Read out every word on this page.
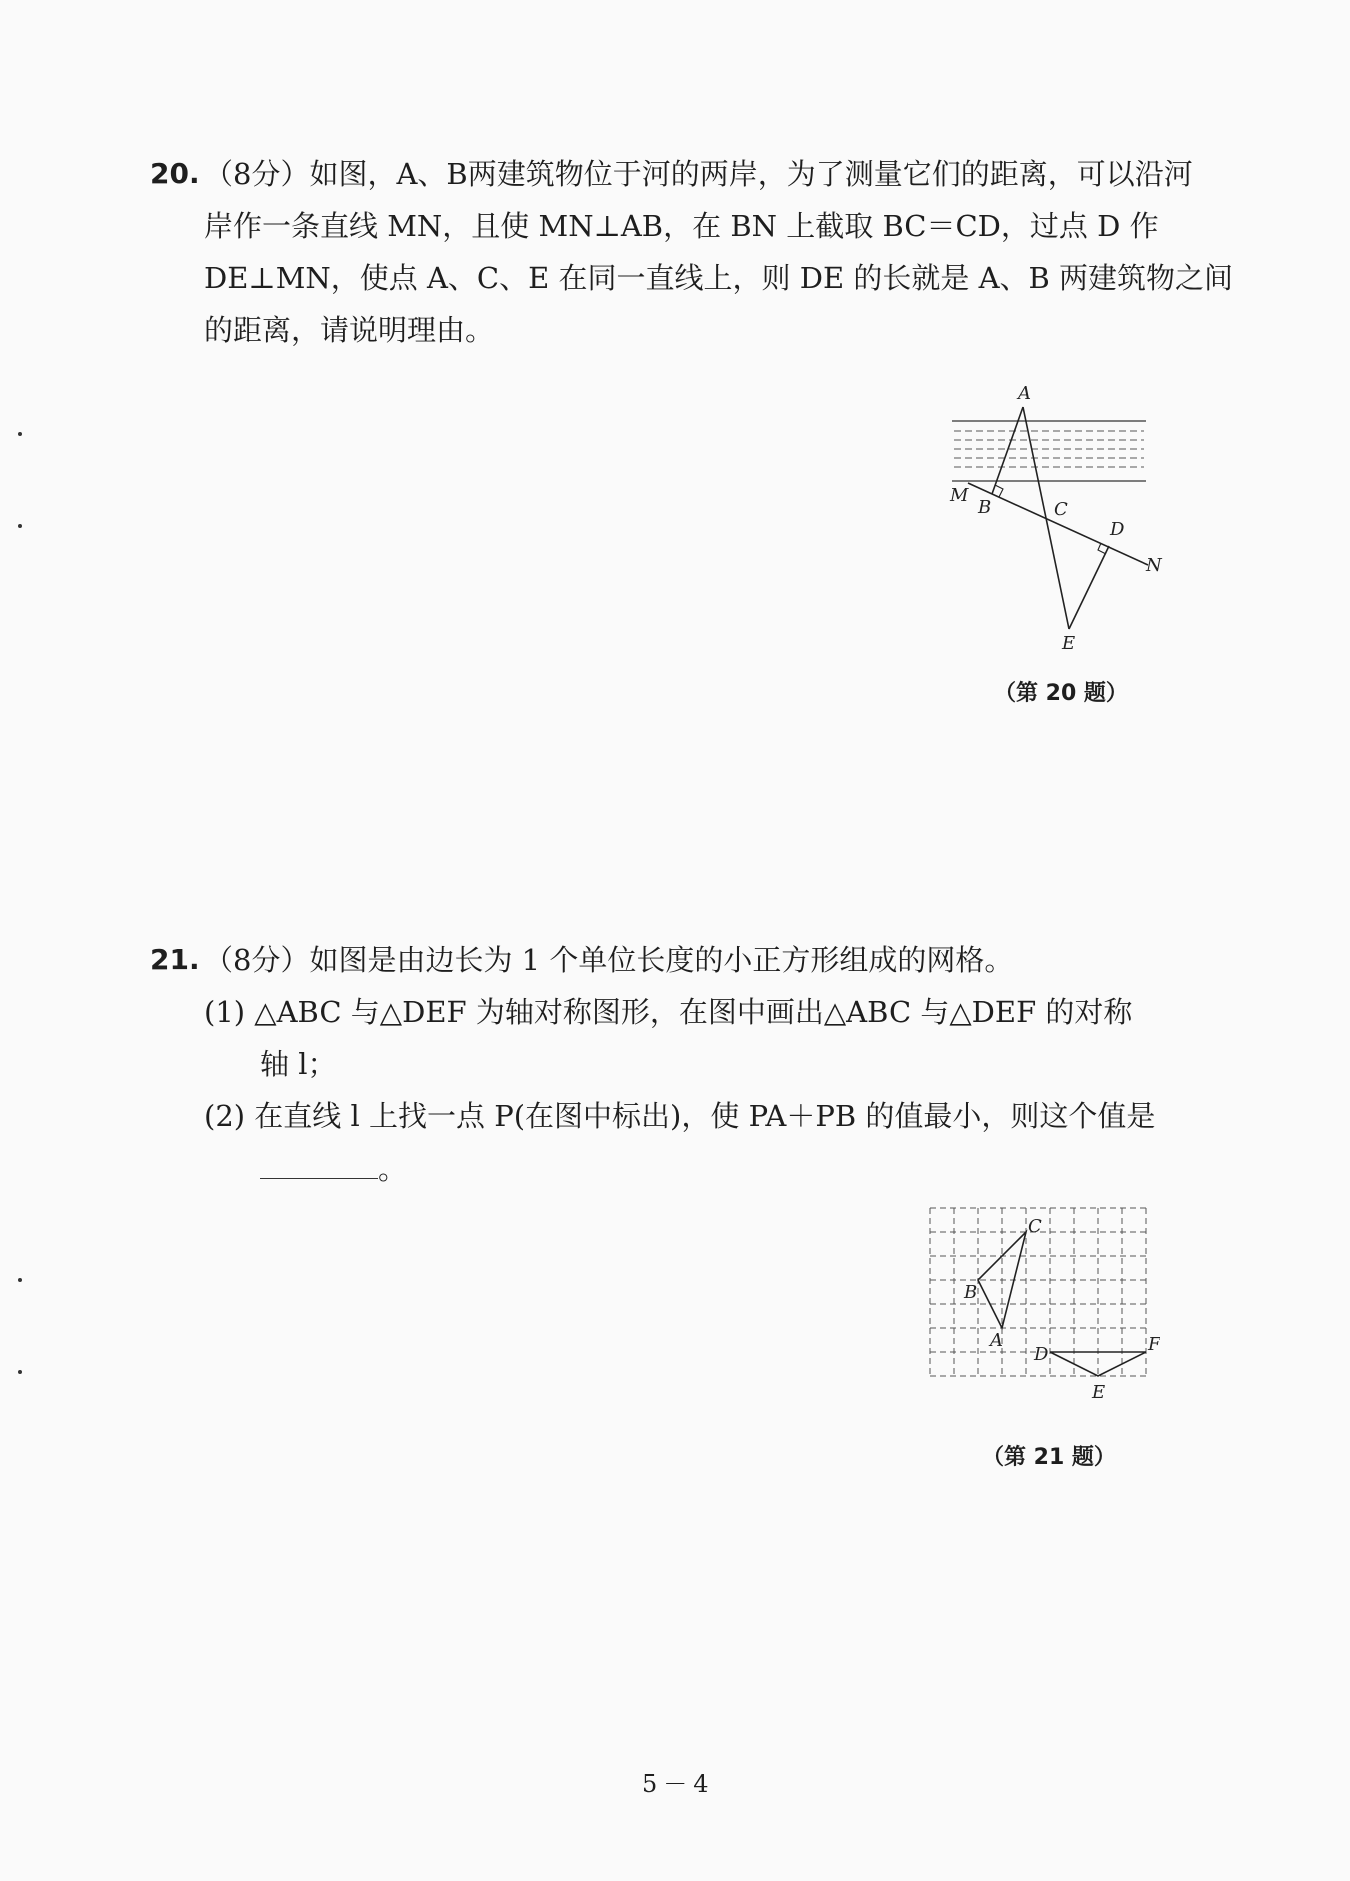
20. （8分）如图，A、B两建筑物位于河的两岸，为了测量它们的距离，可以沿河
岸作一条直线 MN，且使 MN⊥AB，在 BN 上截取 BC＝CD，过点 D 作
DE⊥MN，使点 A、C、E 在同一直线上，则 DE 的长就是 A、B 两建筑物之间
的距离，请说明理由。
A
M
B	C
D
N
E
（第 20 题）
21. （8分）如图是由边长为 1 个单位长度的小正方形组成的网格。
(1) △ABC 与△DEF 为轴对称图形，在图中画出△ABC 与△DEF 的对称
轴 l；
(2) 在直线 l 上找一点 P(在图中标出)，使 PA＋PB 的值最小，则这个值是
。
C
B
A
D	F
E
（第 21 题）
5－4
